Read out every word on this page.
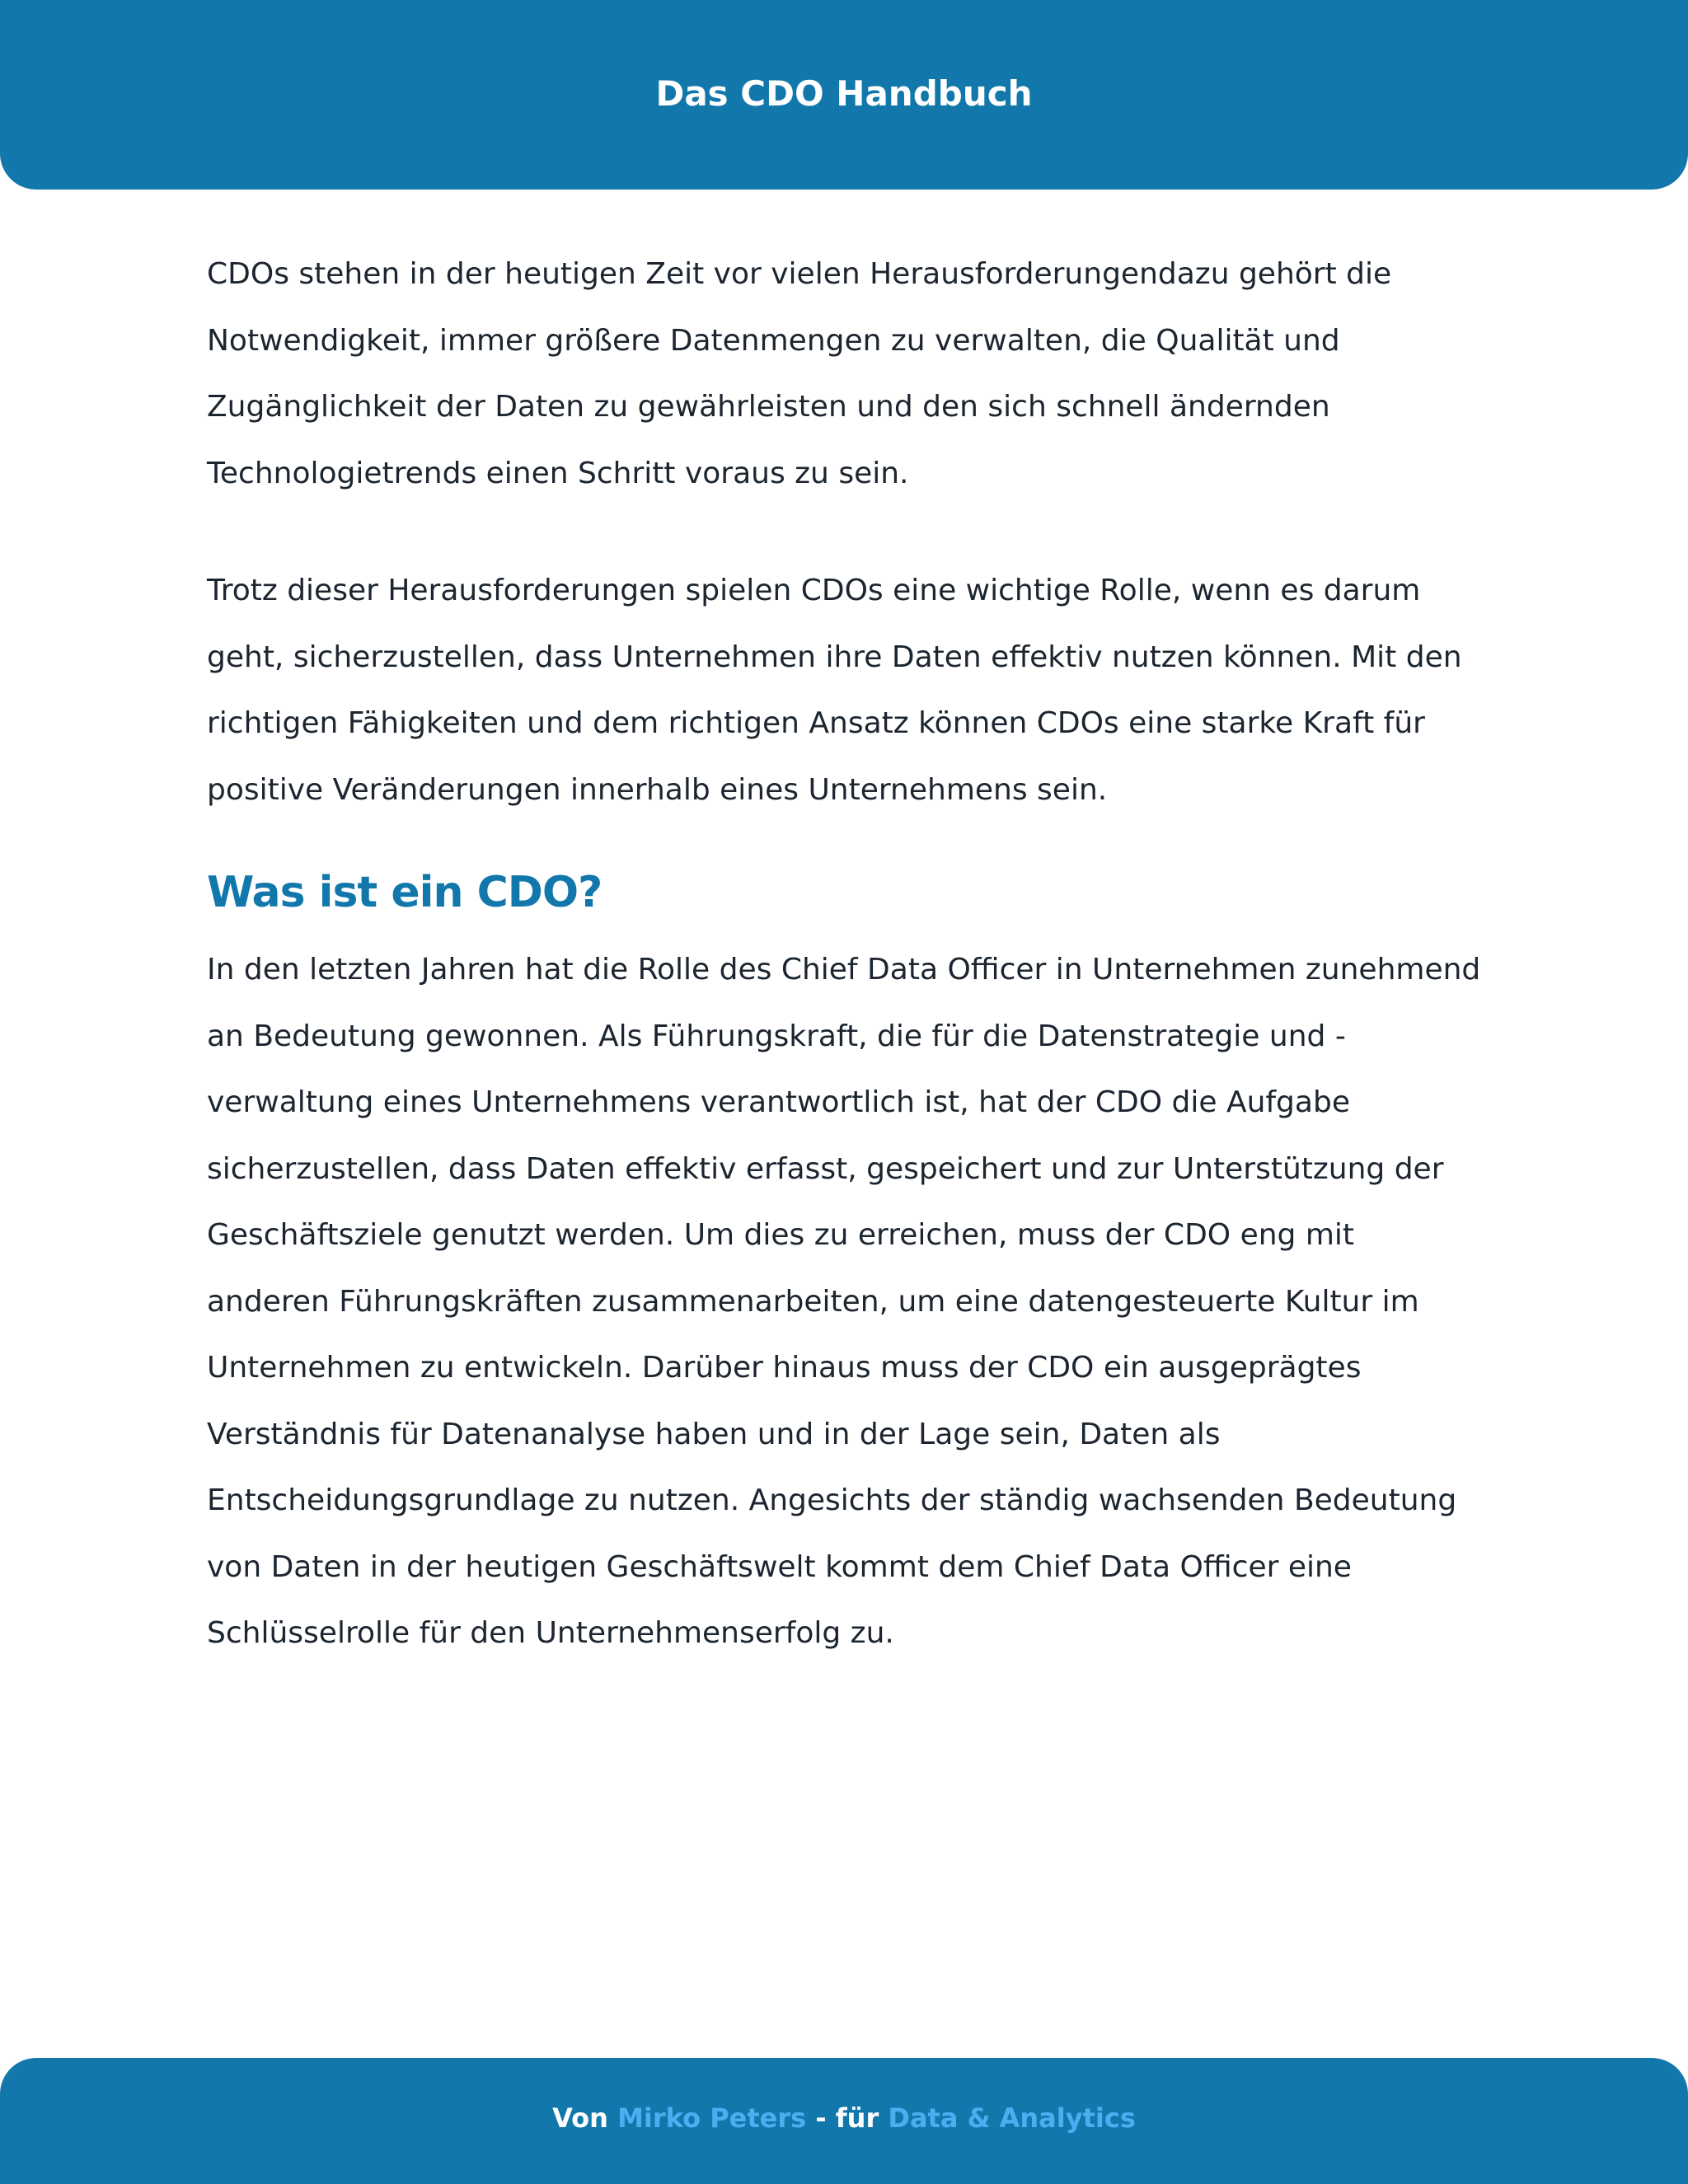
Das CDO Handbuch

CDOs stehen in der heutigen Zeit vor vielen Herausforderungendazu gehört die Notwendigkeit, immer größere Datenmengen zu verwalten, die Qualität und Zugänglichkeit der Daten zu gewährleisten und den sich schnell ändernden Technologietrends einen Schritt voraus zu sein.

Trotz dieser Herausforderungen spielen CDOs eine wichtige Rolle, wenn es darum geht, sicherzustellen, dass Unternehmen ihre Daten effektiv nutzen können. Mit den richtigen Fähigkeiten und dem richtigen Ansatz können CDOs eine starke Kraft für positive Veränderungen innerhalb eines Unternehmens sein.

Was ist ein CDO?

In den letzten Jahren hat die Rolle des Chief Data Officer in Unternehmen zunehmend an Bedeutung gewonnen. Als Führungskraft, die für die Datenstrategie und -verwaltung eines Unternehmens verantwortlich ist, hat der CDO die Aufgabe sicherzustellen, dass Daten effektiv erfasst, gespeichert und zur Unterstützung der Geschäftsziele genutzt werden. Um dies zu erreichen, muss der CDO eng mit anderen Führungskräften zusammenarbeiten, um eine datengesteuerte Kultur im Unternehmen zu entwickeln. Darüber hinaus muss der CDO ein ausgeprägtes Verständnis für Datenanalyse haben und in der Lage sein, Daten als Entscheidungsgrundlage zu nutzen. Angesichts der ständig wachsenden Bedeutung von Daten in der heutigen Geschäftswelt kommt dem Chief Data Officer eine Schlüsselrolle für den Unternehmenserfolg zu.

Von Mirko Peters - für Data & Analytics
